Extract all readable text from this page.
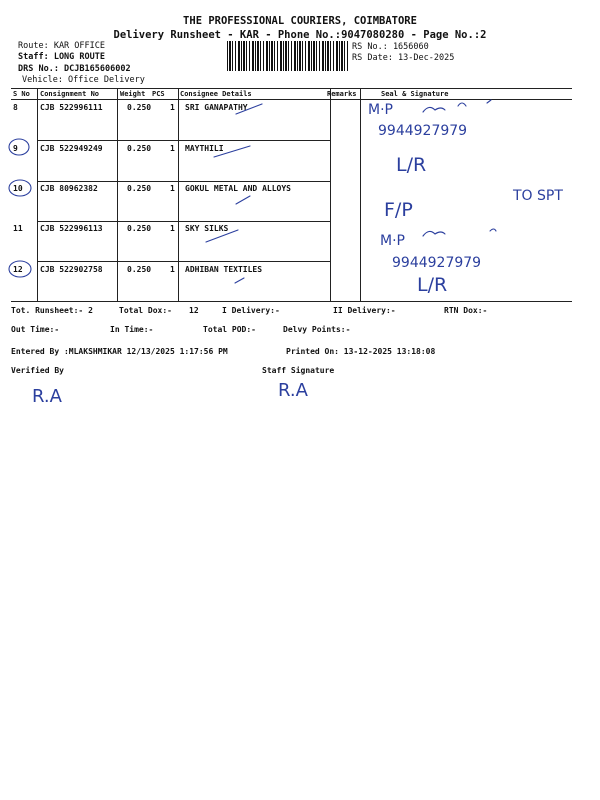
THE PROFESSIONAL COURIERS, COIMBATORE
Delivery Runsheet - KAR - Phone No.:9047080280 - Page No.:2
Route: KAR OFFICE
Staff: LONG ROUTE
DRS No.: DCJB165606002
Vehicle: Office Delivery
RS No.: 1656060
RS Date: 13-Dec-2025
S No Consignment No	Weight PCS Consignee Details	Remarks	Seal & Signature
8	CJB 522996111	0.250 1 SRI GANAPATHY
9	CJB 522949249	0.250 1 MAYTHILI
10 CJB 80962382	0.250 1 GOKUL METAL AND ALLOYS
11 CJB 522996113	0.250 1 SKY SILKS
12 CJB 522902758	0.250 1 ADHIBAN TEXTILES
Tot. Runsheet:- 2	Total Dox:- 12	I Delivery:-	II Delivery:-	RTN Dox:-
Out Time:-	In Time:-	Total POD:-	Delvy Points:-
Entered By :MLAKSHMIKAR 12/13/2025 1:17:56 PM	Printed On: 13-12-2025 13:18:08
Verified By	Staff Signature
M·P
9944927979
L/R
F/P
TO SPT
M·P
9944927979
L/R
R.A	R.A
